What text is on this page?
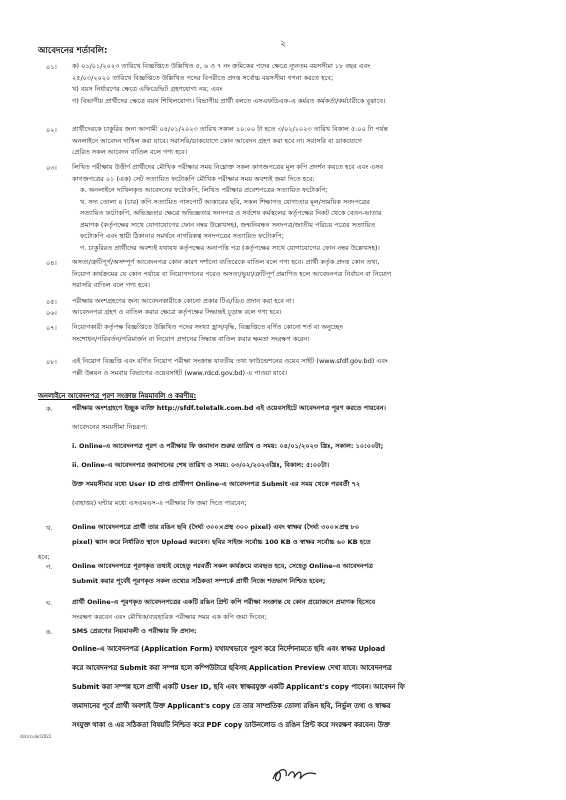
২
আবেদনের শর্তাবলি:
০১। ক) ০১/০১/২০২৩ তারিখে বিজ্ঞপ্তিতে উল্লিখিত ৫, ৬ ও ৭ নং ক্রমিকের পদের ক্ষেত্রে ন্যূনতম বয়সসীমা ১৮ বছর এবং
২৫/০৩/২০২০ তারিখে বিজ্ঞপ্তিতে উল্লিখিত পদের বিপরীতে প্রদত্ত সর্বোচ্চ বয়সসীমা গণনা করতে হবে;
খ) বয়স নির্ধারণের ক্ষেত্রে এফিডেভিট গ্রহণযোগ্য নয়; এবং
গ) বিভাগীয় প্রার্থীদের ক্ষেত্রে বয়স শিথিলযোগ্য। বিভাগীয় প্রার্থী বলতে এসএফডিএফ-এ কর্মরত কর্মকর্তা/কর্মচারীকে বুঝাবে।
০২। প্রার্থীদেরকে চাকুরির জন্য আগামী ০৪/০১/২০২৩ তারিখ সকাল ১০:০০ টা হতে ৩/০২/২০২৩ তারিখ বিকাল ৫:০০ টা পর্যন্ত
অনলাইনে আবেদন দাখিল করা যাবে। সরাসরি/ডাকযোগে কোন আবেদন গ্রহণ করা হবে না। সরাসরি বা ডাকযোগে
প্রেরিত সকল আবেদন বাতিল বলে গণ্য হবে।
০৩। লিখিত পরীক্ষায় উত্তীর্ণ প্রার্থীদের মৌখিক পরীক্ষার সময় নিম্নোক্ত সকল কাগজপত্রের মূল কপি প্রদর্শন করতে হবে এবং এসব
কাগজপত্রের ০১ (এক) সেট সত্যায়িত ফটোকপি মৌখিক পরীক্ষার সময় অবশ্যই জমা দিতে হবে:
ক. অনলাইনে দাখিলকৃত আবেদনের ফটোকপি, লিখিত পরীক্ষার প্রবেশপত্রের সত্যায়িত ফটোকপি;
খ. সদ্য তোলা ৪ (চার) কপি সত্যায়িত পাসপোর্ট আকারের ছবি, সকল শিক্ষাগত যোগ্যতার মূল/সাময়িক সনদপত্রের
সত্যায়িত ফটোকপি, অভিজ্ঞতার ক্ষেত্রে অভিজ্ঞতার সনদপত্র ও সর্বশেষ কর্মস্থলের কর্তৃপক্ষের নিকট থেকে বেতন-ভাতার
প্রমাণক (কর্তৃপক্ষের সাথে যোগাযোগের ফোন নম্বর উল্লেখসহ), জন্মনিবন্ধন সনদপত্র/জাতীয় পরিচয় পত্রের সত্যায়িত
ফটোকপি এবং স্থায়ী ঠিকানার সমর্থনে নাগরিকত্ব সনদপত্রের সত্যায়িত ফটোকপি;
গ. চাকুরিরত প্রার্থীদের অবশ্যই যথাযথ কর্তৃপক্ষের অনাপত্তি পত্র (কর্তৃপক্ষের সাথে যোগাযোগের ফোন নম্বর উল্লেখসহ)।
০৪। অসত্য/ত্রুটিপূর্ণ/অসম্পূর্ণ আবেদনপত্র কোন কারণ দর্শানো ব্যতিরেকে বাতিল বলে গণ্য হবে। প্রার্থী কর্তৃক প্রদত্ত কোন তথ্য,
নিয়োগ কার্যক্রমের যে কোন পর্যায়ে বা নিয়োগদানের পরেও অসত্য/ভুয়া/ত্রুটিপূর্ণ প্রমাণিত হলে আবেদনপত্র নির্বাচন বা নিয়োগ
সরাসরি বাতিল বলে গণ্য হবে।
০৫। পরীক্ষায় অংশগ্রহণের জন্য আবেদনকারীকে কোনো প্রকার টিএ/ডিএ প্রদান করা হবে না।
০৬। আবেদনপত্র গ্রহণ ও বাতিল করার ক্ষেত্রে কর্তৃপক্ষের সিদ্ধান্তই চূড়ান্ত বলে গণ্য হবে।
০৭। নিয়োগকারী কর্তৃপক্ষ বিজ্ঞপ্তিতে উল্লিখিত পদের সংখ্যা হ্রাস/বৃদ্ধি, বিজ্ঞপ্তিতে বর্ণিত কোনো শর্ত বা অনুচ্ছেদ
সংশোধন/পরিবর্তন/পরিমার্জন বা নিয়োগ প্রদানের সিদ্ধান্ত বাতিল করার ক্ষমতা সংরক্ষণ করেন।
০৮। এই নিয়োগ বিজ্ঞপ্তি এবং বর্ণিত নিয়োগ পরীক্ষা সংক্রান্ত যাবতীয় তথ্য ফাউন্ডেশনের ওয়েব সাইট (www.sfdf.gov.bd) এবং
পল্লী উন্নয়ন ও সমবায় বিভাগের ওয়েবসাইট (www.rdcd.gov.bd) এ পাওয়া যাবে।
অনলাইনে আবেদনপত্র পূরণ সংক্রান্ত নিয়মাবলি ও করণীয়:
ক.	পরীক্ষায় অংশগ্রহণে ইচ্ছুক ব্যক্তি http://sfdf.teletalk.com.bd এই ওয়েবসাইটে আবেদনপত্র পূরণ করতে পারবেন।
আবেদনের সময়সীমা নিম্নরূপ:
i. Online-এ আবেদনপত্র পূরণ ও পরীক্ষার ফি জমাদান শুরুর তারিখ ও সময়: ০৪/০১/২০২৩ খ্রিঃ, সকাল: ১০:০০টা;
ii. Online-এ আবেদনপত্র জমাদানের শেষ তারিখ ও সময়: ০৩/০২/২০২৩খ্রিঃ, বিকাল: ৫:০০টা।
উক্ত সময়সীমার মধ্যে User ID প্রাপ্ত প্রার্থীগণ Online-এ আবেদনপত্র Submit এর সময় থেকে পরবর্তী ৭২
(বাহাত্তর) ঘন্টার মধ্যে এসএমএস-এ পরীক্ষার ফি জমা দিতে পারবেন;
খ.	Online আবেদনপত্রে প্রার্থী তার রঙিন ছবি (দৈর্ঘ্য ৩০০×প্রস্থ ৩০০ pixel) এবং স্বাক্ষর (দৈর্ঘ্য ৩০০×প্রস্থ ৮০
pixel) স্ক্যান করে নির্ধারিত স্থানে Upload করবেন। ছবির সাইজ সর্বোচ্চ 100 KB ও স্বাক্ষর সর্বোচ্চ ৬০ KB হতে
হবে;
গ.	Online আবেদনপত্রে পূরণকৃত তথ্যই যেহেতু পরবর্তী সকল কার্যক্রমে ব্যবহৃত হবে, সেহেতু Online-এ আবেদনপত্র
Submit করার পূর্বেই পূরণকৃত সকল তথ্যের সঠিকতা সম্পর্কে প্রার্থী নিজে শতভাগ নিশ্চিত হবেন;
ঘ.	প্রার্থী Online-এ পূরণকৃত আবেদনপত্রের একটি রঙিন প্রিন্ট কপি পরীক্ষা সংক্রান্ত যে কোন প্রয়োজনে প্রমাণক হিসেবে
সংরক্ষণ করবেন এবং মৌখিক/ব্যবহারিক পরীক্ষার সময় এক কপি জমা দিবেন;
ঙ.	SMS প্রেরণের নিয়মাবলী ও পরীক্ষার ফি প্রদান:
Online-এ আবেদনপত্র (Application Form) যথাযথভাবে পূরণ করে নির্দেশনামতে ছবি এবং স্বাক্ষর Upload
করে আবেদনপত্র Submit করা সম্পন্ন হলে কম্পিউটারে ছবিসহ Application Preview দেখা যাবে। আবেদনপত্র
Submit করা সম্পন্ন হলে প্রার্থী একটি User ID, ছবি এবং স্বাক্ষরযুক্ত একটি Applicant's copy পাবেন। আবেদন ফি
জমাদানের পূর্বে প্রার্থী অবশ্যই উক্ত Applicant's copy তে তার সাম্প্রতিক তোলা রঙিন ছবি, নির্ভুল তথ্য ও স্বাক্ষর
সংযুক্ত থাকা ও এর সঠিকতা বিষয়টি নিশ্চিত করে PDF copy ডাউনলোড ও রঙিন প্রিন্ট করে সংরক্ষণ করবেন। উক্ত
dl/circular/2022
